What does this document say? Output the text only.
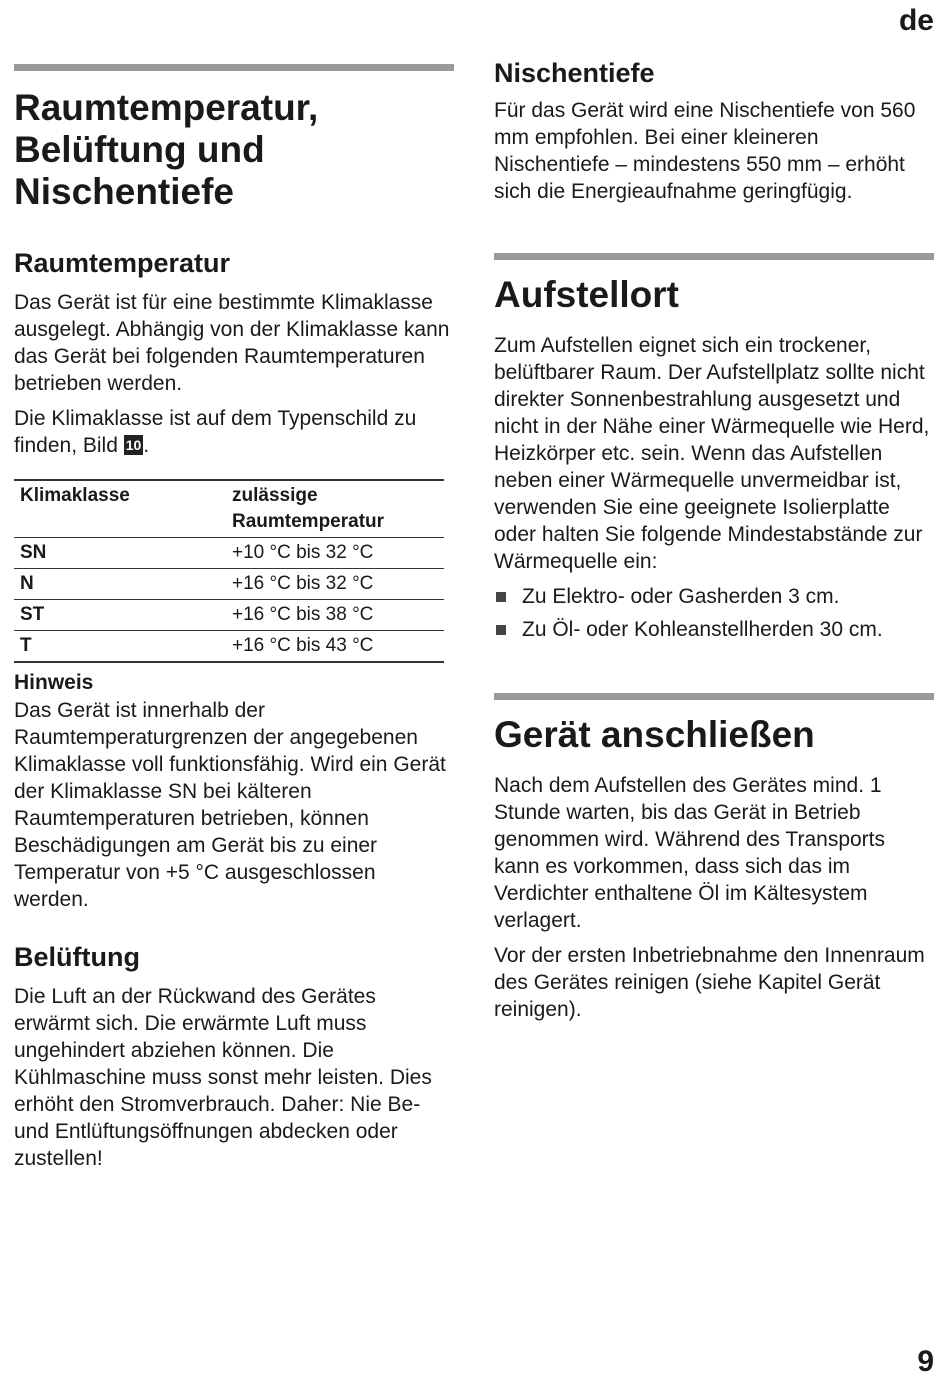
de
Raumtemperatur, Belüftung und Nischentiefe
Raumtemperatur

Das Gerät ist für eine bestimmte Klimaklasse ausgelegt. Abhängig von der Klimaklasse kann das Gerät bei folgenden Raumtemperaturen betrieben werden.

Die Klimaklasse ist auf dem Typenschild zu finden, Bild 10.

Klimaklasse	zulässige
Raumtemperatur
SN	+10 °C bis 32 °C
N	+16 °C bis 32 °C
ST	+16 °C bis 38 °C
T	+16 °C bis 43 °C
Hinweis

Das Gerät ist innerhalb der Raumtemperaturgrenzen der angegebenen Klimaklasse voll funktionsfähig. Wird ein Gerät der Klimaklasse SN bei kälteren Raumtemperaturen betrieben, können Beschädigungen am Gerät bis zu einer Temperatur von +5 °C ausgeschlossen werden.

Belüftung

Die Luft an der Rückwand des Gerätes erwärmt sich. Die erwärmte Luft muss ungehindert abziehen können. Die Kühlmaschine muss sonst mehr leisten. Dies erhöht den Stromverbrauch. Daher: Nie Be- und Entlüftungsöffnungen abdecken oder zustellen!

Nischentiefe

Für das Gerät wird eine Nischentiefe von 560 mm empfohlen. Bei einer kleineren Nischentiefe – mindestens 550 mm – erhöht sich die Energieaufnahme geringfügig.

Aufstellort

Zum Aufstellen eignet sich ein trockener, belüftbarer Raum. Der Aufstellplatz sollte nicht direkter Sonnenbestrahlung ausgesetzt und nicht in der Nähe einer Wärmequelle wie Herd, Heizkörper etc. sein. Wenn das Aufstellen neben einer Wärmequelle unvermeidbar ist, verwenden Sie eine geeignete Isolierplatte oder halten Sie folgende Mindestabstände zur Wärmequelle ein:

Zu Elektro- oder Gasherden 3 cm.
Zu Öl- oder Kohleanstellherden 30 cm.
Gerät anschließen

Nach dem Aufstellen des Gerätes mind. 1 Stunde warten, bis das Gerät in Betrieb genommen wird. Während des Transports kann es vorkommen, dass sich das im Verdichter enthaltene Öl im Kältesystem verlagert.

Vor der ersten Inbetriebnahme den Innenraum des Gerätes reinigen (siehe Kapitel Gerät reinigen).

9
